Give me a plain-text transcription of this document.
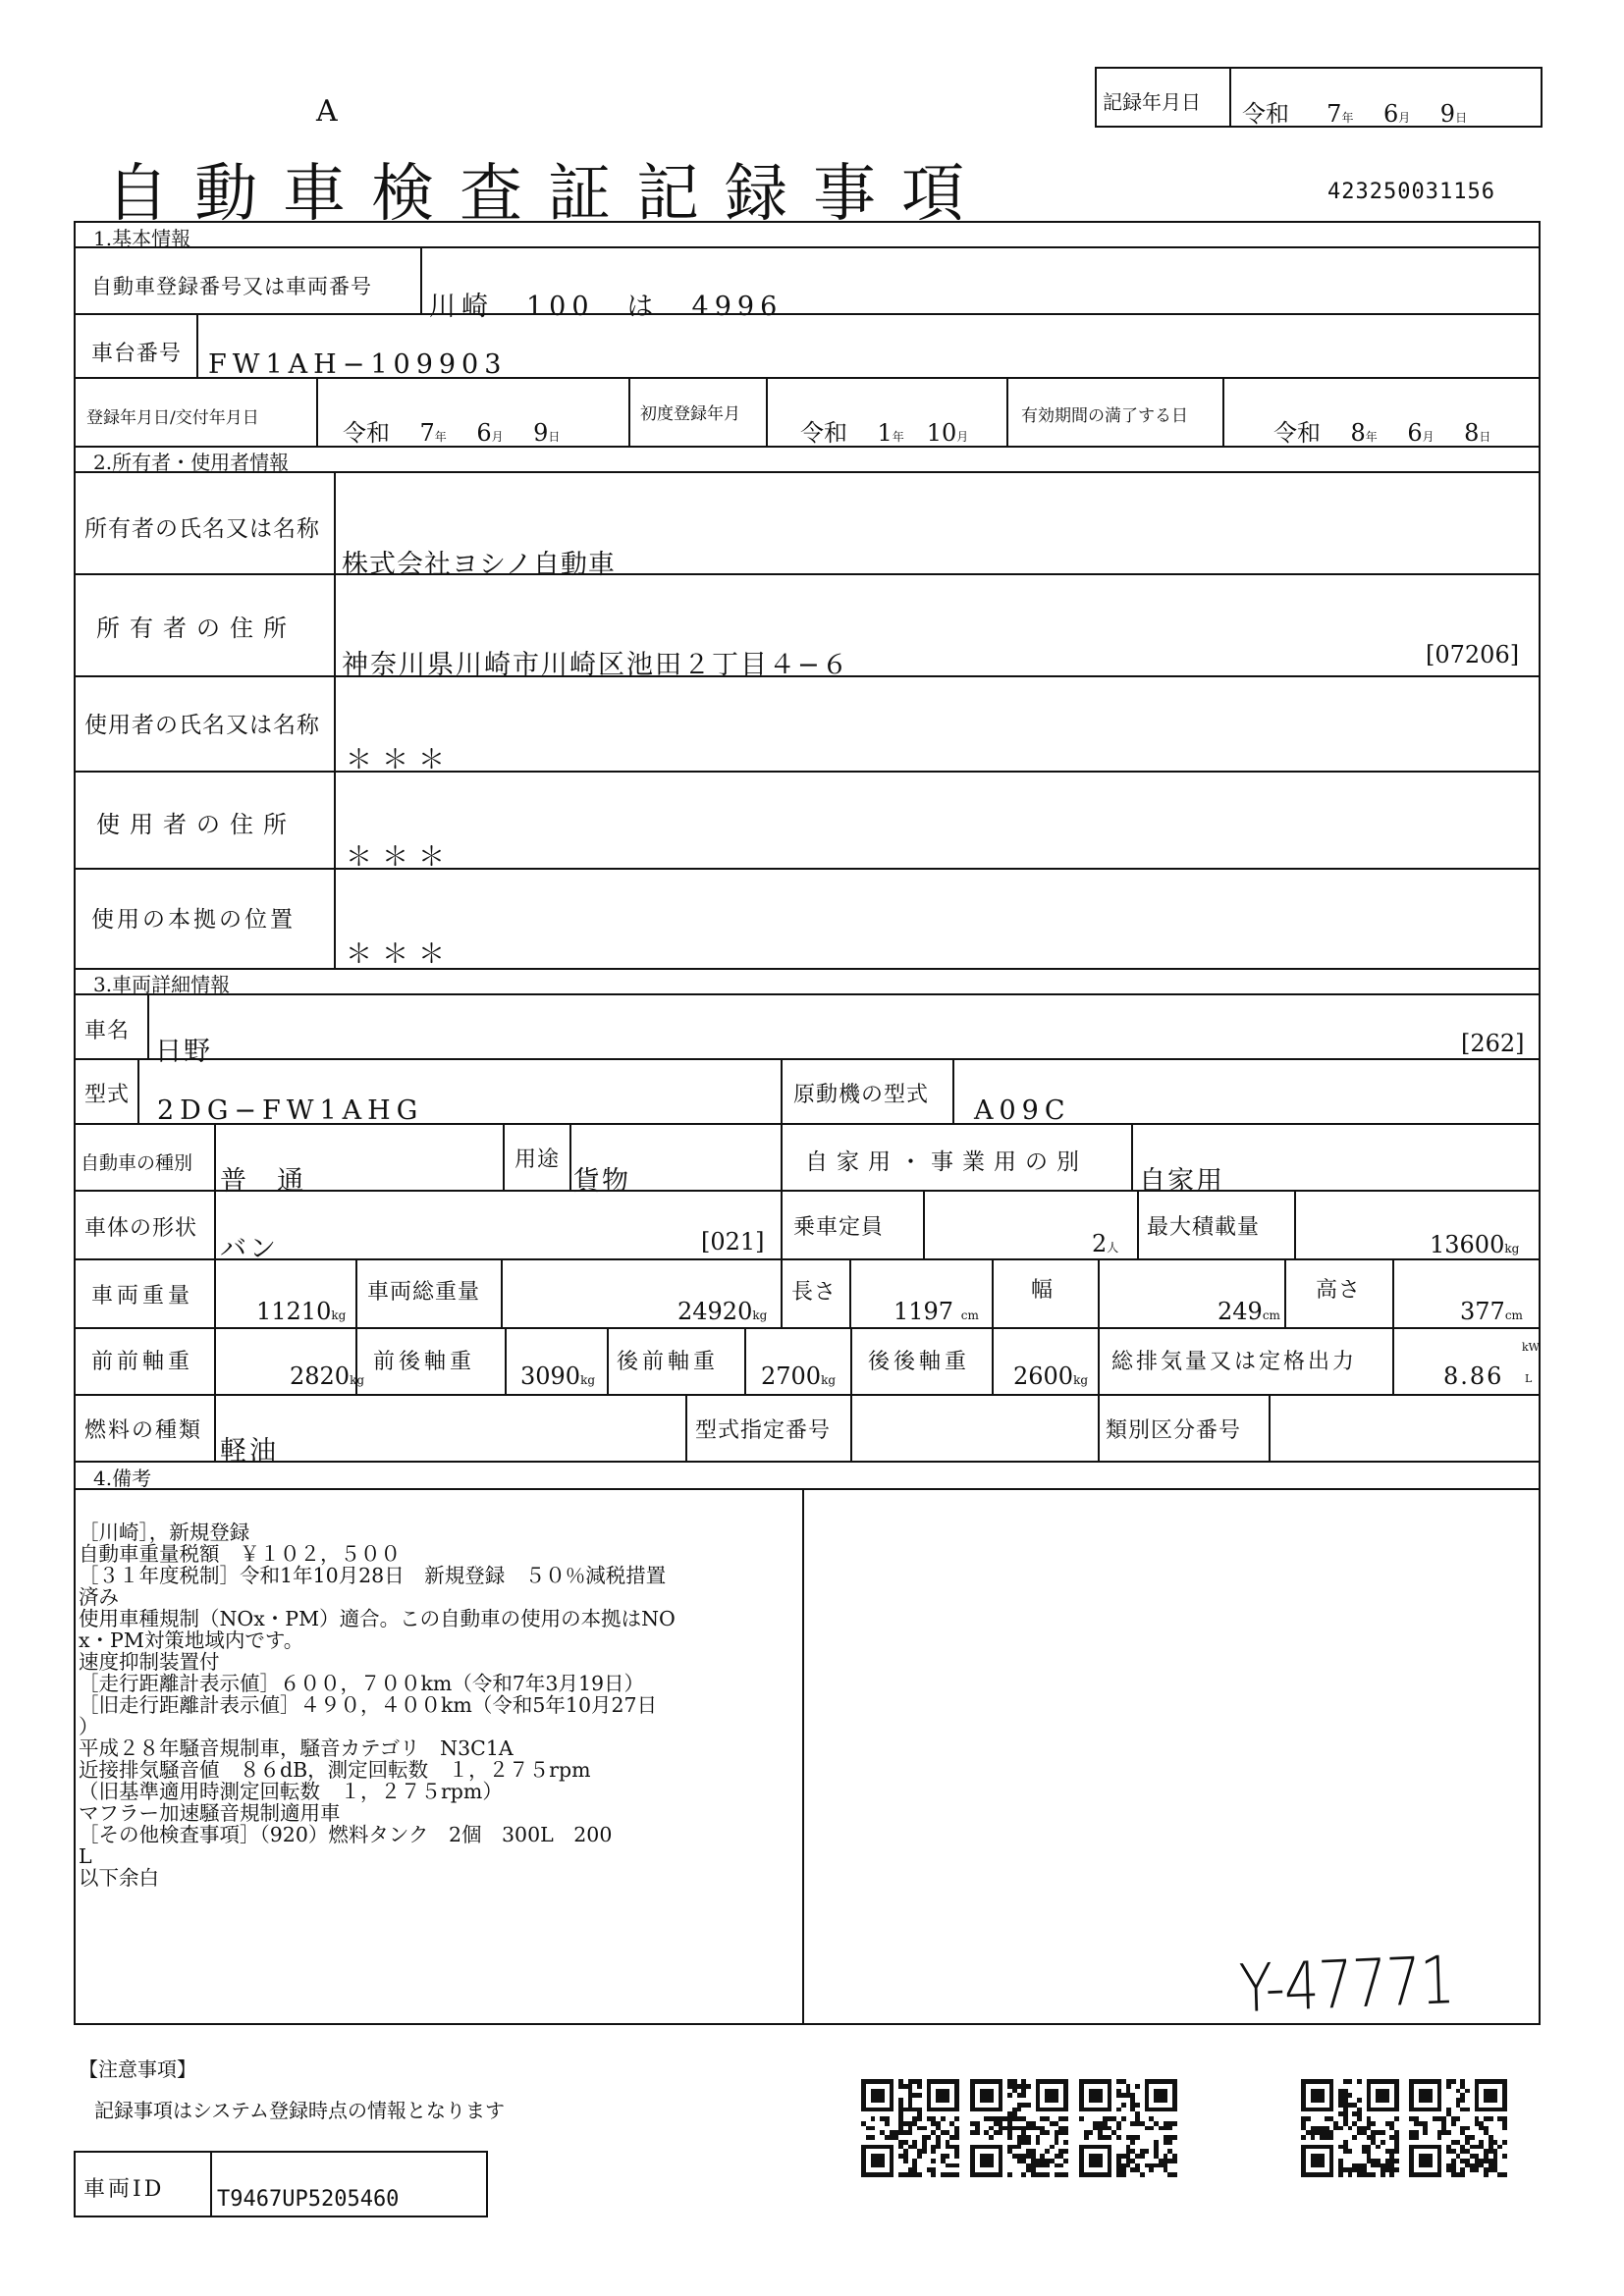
A
自動車検査証記録事項	423250031156
記録年月日 令和 7年 6月 9日
1.基本情報
自動車登録番号又は車両番号
川崎　100　は　4996
車台番号 FW1AH−109903
登録年月日/交付年月日
令和 7年 6月 9日
初度登録年月
令和 1年 10月
有効期間の満了する日
令和 8年 6月 8日
2.所有者・使用者情報
所有者の氏名又は名称
株式会社ヨシノ自動車
所有者の住所
神奈川県川崎市川崎区池田２丁目４−６	[07206]
使用者の氏名又は名称
＊＊＊
使用者の住所
＊＊＊
使用の本拠の位置
＊＊＊
3.車両詳細情報
車名
日野	[262]
型式
2DG−FW1AHG
原動機の型式
A09C
自動車の種別
普　通
用途
貨物
自家用・事業用の別
自家用
車体の形状
バン	[021]
乗車定員
2人
最大積載量
13600kg
車両重量
11210kg
車両総重量
24920kg
長さ
1197 cm
幅
249cm
高さ
377cm
前前軸重
2820kg
前後軸重
3090kg
後前軸重
2700kg
後後軸重
2600kg
総排気量又は定格出力
8.86
kW
L
燃料の種類
軽油
型式指定番号	類別区分番号
4.備考

［川崎］，新規登録
自動車重量税額　￥１０２，５００
［３１年度税制］令和1年10月28日　新規登録　５０％減税措置
済み
使用車種規制（NOx・PM）適合。この自動車の使用の本拠はNO
x・PM対策地域内です。
速度抑制装置付
［走行距離計表示値］６００，７００km（令和7年3月19日）
［旧走行距離計表示値］４９０，４００km（令和5年10月27日
）
平成２８年騒音規制車，騒音カテゴリ　N3C1A
近接排気騒音値　８６dB，測定回転数　１，２７５rpm
（旧基準適用時測定回転数　１，２７５rpm）
マフラー加速騒音規制適用車
［その他検査事項］（920）燃料タンク　2個　300L　200
L
以下余白

Y-47771
【注意事項】
記録事項はシステム登録時点の情報となります
車両ID T9467UP5205460
